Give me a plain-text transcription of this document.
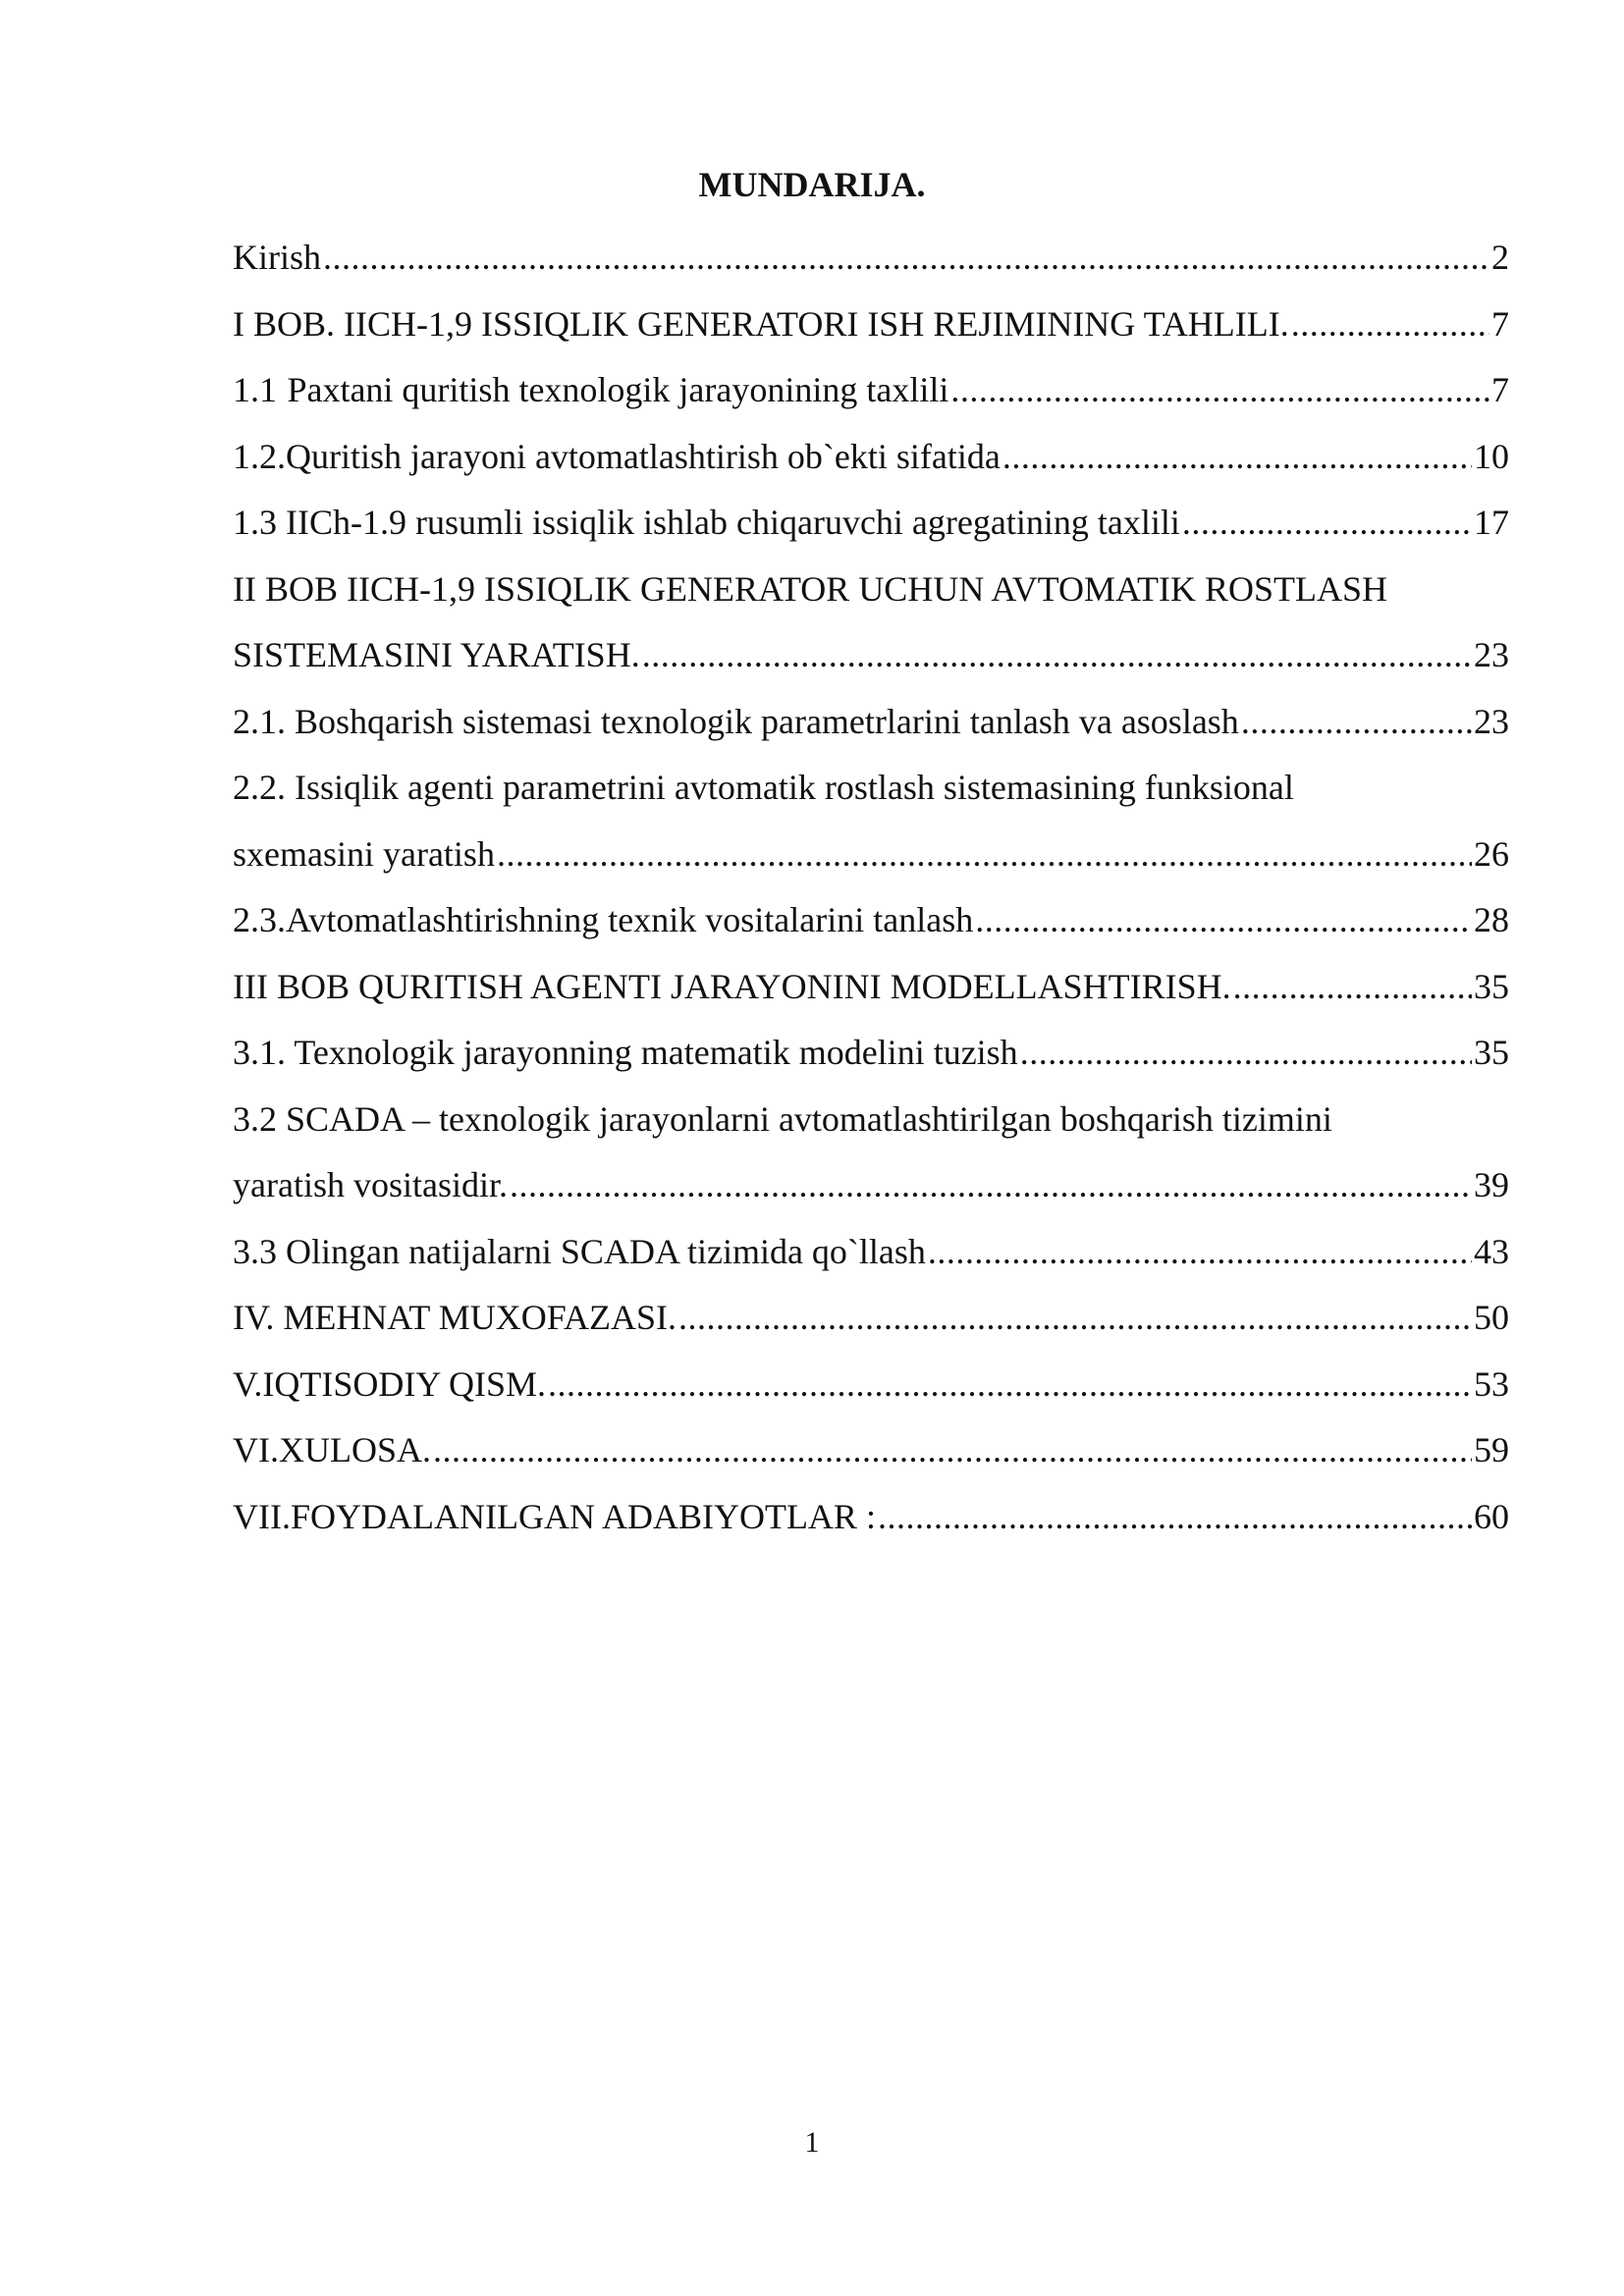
MUNDARIJA.
Kirish .....	2
I BOB. IICH-1,9 ISSIQLIK GENERATORI ISH REJIMINING TAHLILI. .....	7
1.1 Paxtani quritish texnologik jarayonining taxlili .....	7
1.2.Quritish jarayoni avtomatlashtirish ob`ekti sifatida .....	10
1.3 IICh-1.9 rusumli issiqlik ishlab chiqaruvchi agregatining taxlili .....	17
II BOB IICH-1,9 ISSIQLIK GENERATOR UCHUN AVTOMATIK ROSTLASH
SISTEMASINI YARATISH. .....	23
2.1. Boshqarish sistemasi texnologik parametrlarini tanlash va asoslash .....	23
2.2. Issiqlik agenti parametrini avtomatik rostlash sistemasining funksional
sxemasini yaratish .....	26
2.3.Avtomatlashtirishning texnik vositalarini tanlash .....	28
III BOB QURITISH AGENTI JARAYONINI MODELLASHTIRISH. .....	35
3.1. Texnologik jarayonning matematik modelini tuzish .....	35
3.2 SCADA – texnologik jarayonlarni avtomatlashtirilgan boshqarish tizimini
yaratish vositasidir. .....	39
3.3 Olingan natijalarni SCADA tizimida qo`llash .....	43
IV. MEHNAT MUXOFAZASI. .....	50
V.IQTISODIY QISM. .....	53
VI.XULOSA. .....	59
VII.FOYDALANILGAN ADABIYOTLAR : .....	60
1
